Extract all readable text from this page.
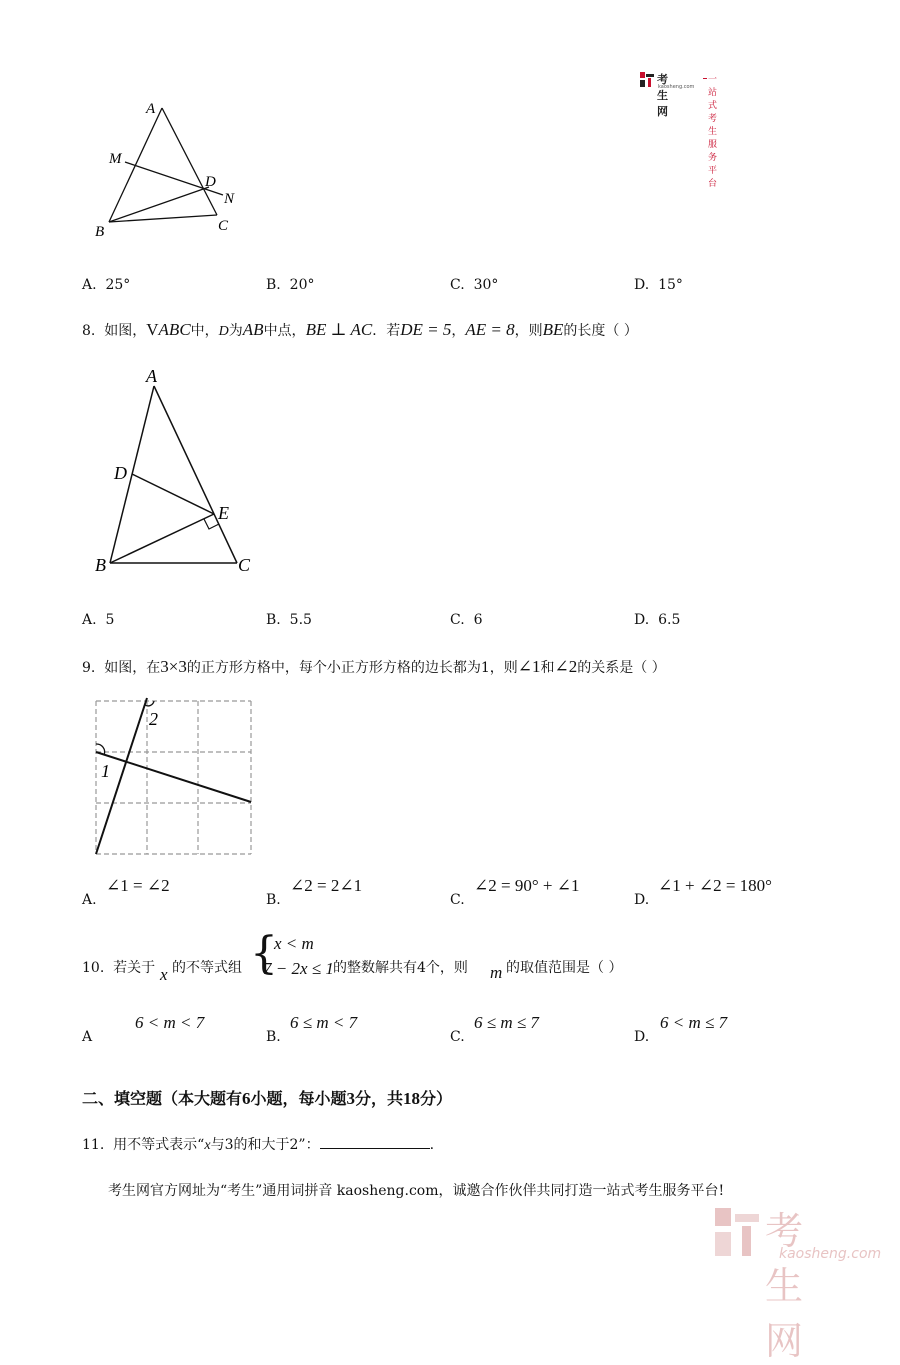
考生网
kaosheng.com
一站式考生服务平台
A
M
D
N
B	C
A. 25°	B. 20°	C. 30°	D. 15°
8. 如图，VABC中，D为AB中点，BE ⊥ AC．若DE = 5，AE = 8，则BE的长度（ ）
A
D
E
B	C
A. 5	B. 5.5	C. 6	D. 6.5
9. 如图，在3×3的正方形方格中，每个小正方形方格的边长都为1，则∠1和∠2的关系是（ ）
1
2
A.
∠1 = ∠2
B.
∠2 = 2∠1
C.
∠2 = 90° + ∠1
D.
∠1 + ∠2 = 180°
10. 若关于 x 的不等式组 {
x < m
7 − 2x ≤ 1 的整数解共有4个，则 m 的取值范围是（ ）
A
6 < m < 7
B.
6 ≤ m < 7
C.
6 ≤ m ≤ 7
D.
6 < m ≤ 7
二、填空题（本大题有6小题，每小题3分，共18分）
11. 用不等式表示“x与3的和大于2”：	.
考生网官方网址为“考生”通用词拼音 kaosheng.com，诚邀合作伙伴共同打造一站式考生服务平台!
考生网
kaosheng.com
